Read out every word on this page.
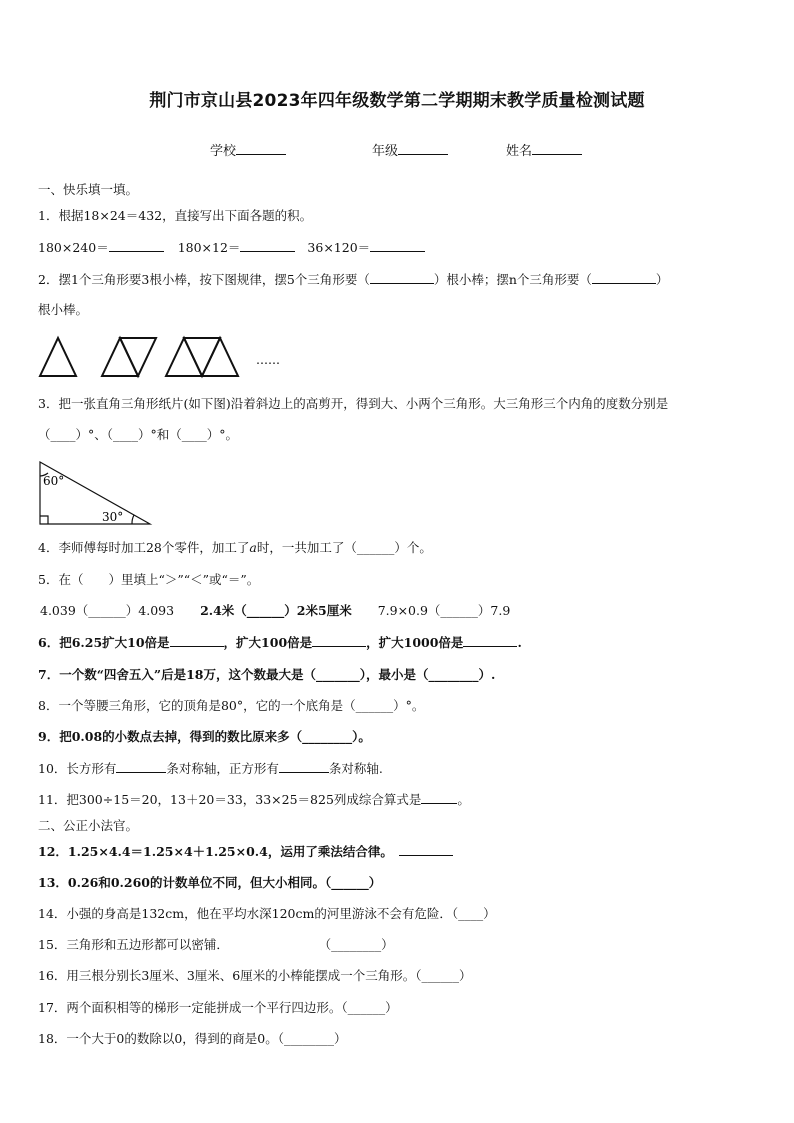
荆门市京山县2023年四年级数学第二学期期末教学质量检测试题
学校	年级	姓名
一、快乐填一填。
1．根据18×24＝432，直接写出下面各题的积。
180×240＝	180×12＝	36×120＝
2．摆1个三角形要3根小棒，按下图规律，摆5个三角形要（	）根小棒；摆n个三角形要（	）
根小棒。
……
3．把一张直角三角形纸片(如下图)沿着斜边上的高剪开，得到大、小两个三角形。大三角形三个内角的度数分别是
（____）°、（____）°和（____）°。
60°
30°
4．李师傅每时加工28个零件，加工了a时，一共加工了（______）个。
5．在（　　）里填上“＞”“＜”或“＝”。
4.039（______）4.093 2.4米（______）2米5厘米 7.9×0.9（______）7.9
6．把6.25扩大10倍是	，扩大100倍是	，扩大1000倍是	.
7．一个数“四舍五入”后是18万，这个数最大是（_______），最小是（________）.
8．一个等腰三角形，它的顶角是80°，它的一个底角是（______）°。
9．把0.08的小数点去掉，得到的数比原来多（________）。
10．长方形有	条对称轴，正方形有	条对称轴.
11．把300÷15＝20，13＋20＝33，33×25＝825列成综合算式是	。
二、公正小法官。
12．1.25×4.4＝1.25×4＋1.25×0.4，运用了乘法结合律。
13．0.26和0.260的计数单位不同，但大小相同。（______）
14．小强的身高是132cm，他在平均水深120cm的河里游泳不会有危险．（____）
15．三角形和五边形都可以密铺．	（________）
16．用三根分别长3厘米、3厘米、6厘米的小棒能摆成一个三角形。（______）
17．两个面积相等的梯形一定能拼成一个平行四边形。（______）
18．一个大于0的数除以0，得到的商是0。（________）
